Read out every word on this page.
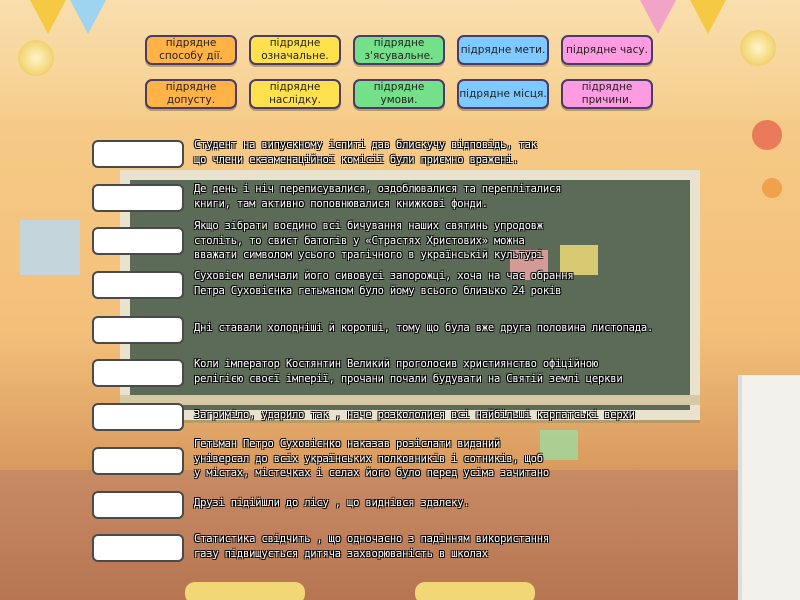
підрядне
способу дії.
підрядне
означальне.
підрядне
з'ясувальне.
підрядне мети. підрядне часу.
підрядне
допусту.
підрядне
наслідку.
підрядне
умови.
підрядне місця.
підрядне
причини.
Студент на випускному іспиті дав блискучу відповідь, так
що члени екзаменаційної комісії були приємно вражені.
Де день і ніч переписувалися, оздоблювалися та перепліталися
книги, там активно поповнювалися книжкові фонди.
Якщо зібрати воєдино всі бичування наших святинь упродовж
століть, то свист батогів у «Страстях Христових» можна
вважати символом усього трагічного в українській культурі
Суховієм величали його сивовусі запорожці, хоча на час обрання
Петра Суховієнка гетьманом було йому всього близько 24 років
Дні ставали холоднішi й коротші, тому що була вже друга половина листопада.
Коли імператор Костянтин Великий проголосив християнство офіційною
релігією своєї імперії, прочани почали будувати на Святій землі церкви
Загриміло, ударило так , наче розкололися всі найбільші карпатські верхи
Гетьман Петро Суховієнко наказав розіслати виданий
універсал до всіх українських полковників і сотників, щоб
у містах, містечках і селах його було перед усіма зачитано
Друзі підійшли до лісу , що виднівся здалеку.
Статистика свідчить , що одночасно з падінням використання
газу підвищується дитяча захворюваність в школах
